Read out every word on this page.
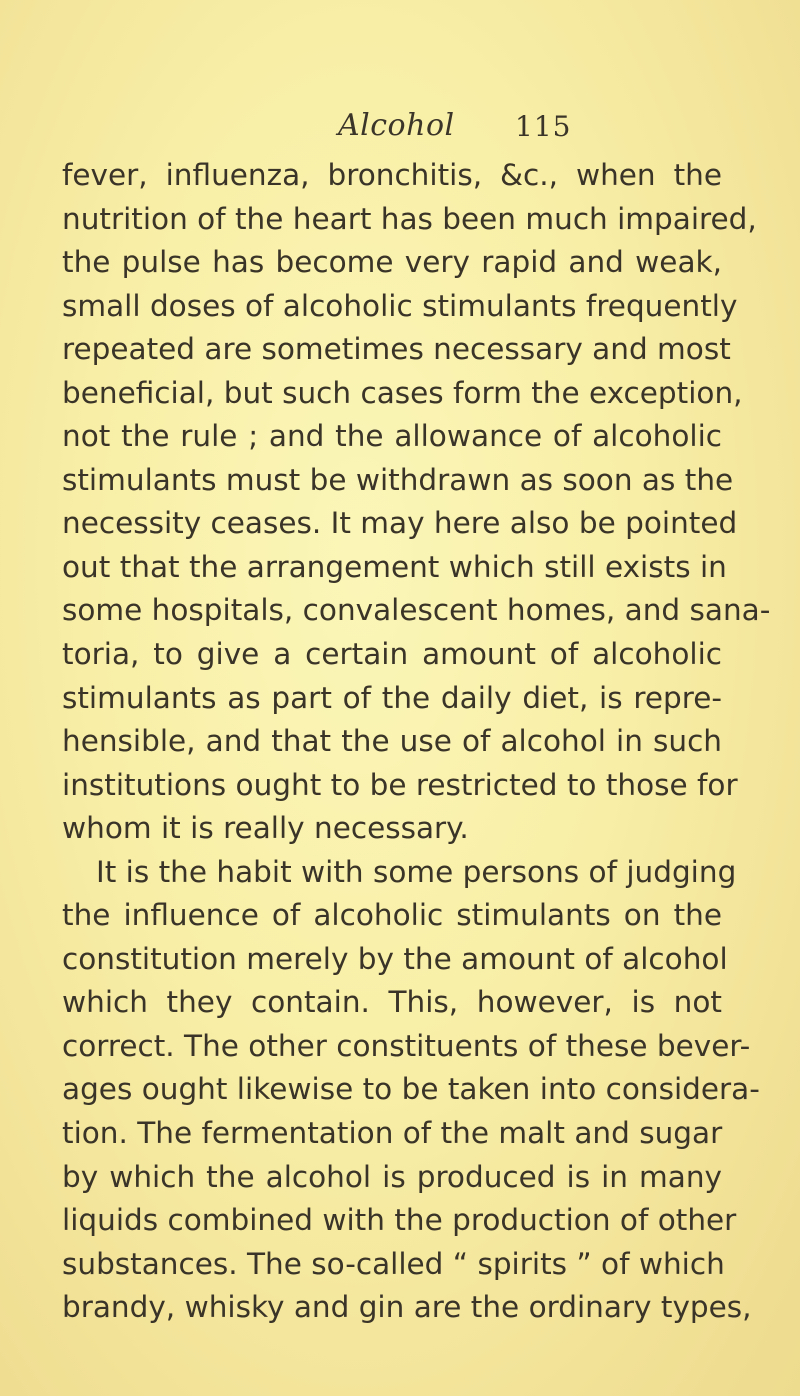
Alcohol 115
fever, influenza, bronchitis, &c., when the
nutrition of the heart has been much impaired,
the pulse has become very rapid and weak,
small doses of alcoholic stimulants frequently
repeated are sometimes necessary and most
beneficial, but such cases form the exception,
not the rule ; and the allowance of alcoholic
stimulants must be withdrawn as soon as the
necessity ceases. It may here also be pointed
out that the arrangement which still exists in
some hospitals, convalescent homes, and sana-
toria, to give a certain amount of alcoholic
stimulants as part of the daily diet, is repre-
hensible, and that the use of alcohol in such
institutions ought to be restricted to those for
whom it is really necessary.
It is the habit with some persons of judging
the influence of alcoholic stimulants on the
constitution merely by the amount of alcohol
which they contain. This, however, is not
correct. The other constituents of these bever-
ages ought likewise to be taken into considera-
tion. The fermentation of the malt and sugar
by which the alcohol is produced is in many
liquids combined with the production of other
substances. The so-called “ spirits ” of which
brandy, whisky and gin are the ordinary types,
